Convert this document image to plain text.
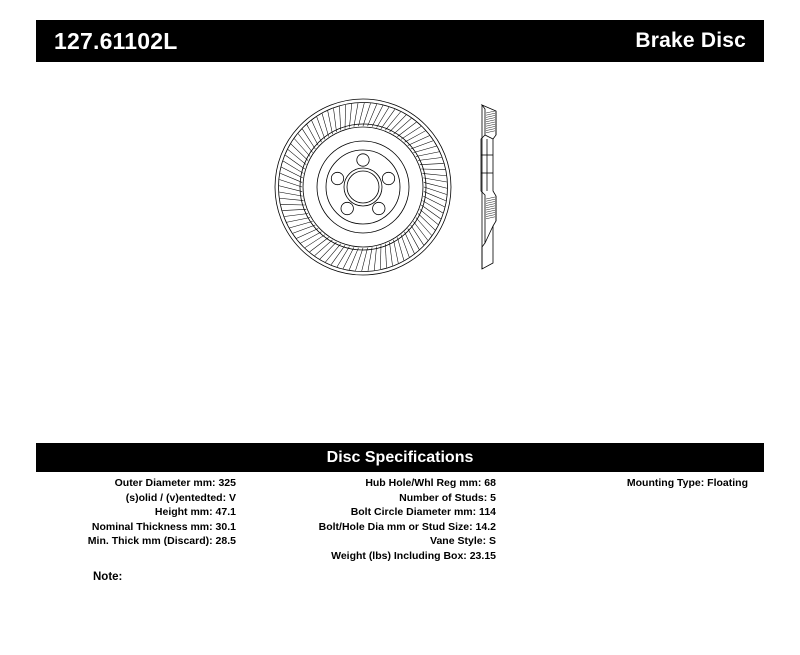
127.61102L	Brake Disc
Disc Specifications
Outer Diameter mm: 325
(s)olid / (v)entedted: V
Height mm: 47.1
Nominal Thickness mm: 30.1
Min. Thick mm (Discard): 28.5
Hub Hole/Whl Reg mm: 68
Number of Studs: 5
Bolt Circle Diameter mm: 114
Bolt/Hole Dia mm or Stud Size: 14.2
Vane Style: S
Weight (lbs) Including Box: 23.15
Mounting Type: Floating
Note:
